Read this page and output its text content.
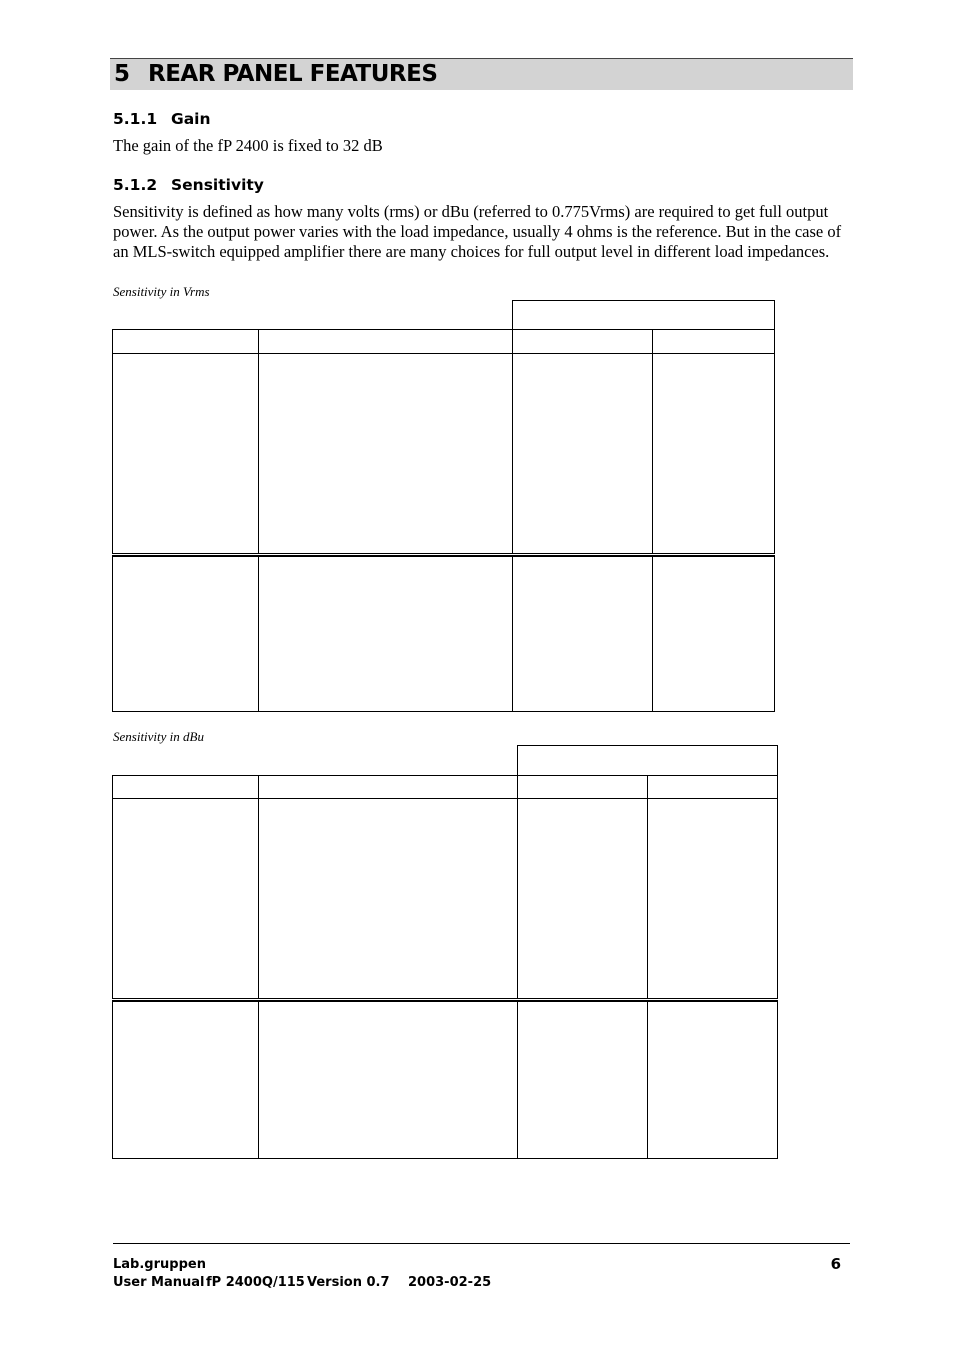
5 REAR PANEL FEATURES
5.1.1 Gain
The gain of the fP 2400 is fixed to 32 dB
5.1.2 Sensitivity
Sensitivity is defined as how many volts (rms) or dBu (referred to 0.775Vrms) are required to get full output power. As the output power varies with the load impedance, usually 4 ohms is the reference. But in the case of an MLS-switch equipped amplifier there are many choices for full output level in different load impedances.
Sensitivity in Vrms
Sensitivity in dBu
Lab.gruppen
User Manual fP 2400Q/115 Version 0.7 2003-02-25
6
